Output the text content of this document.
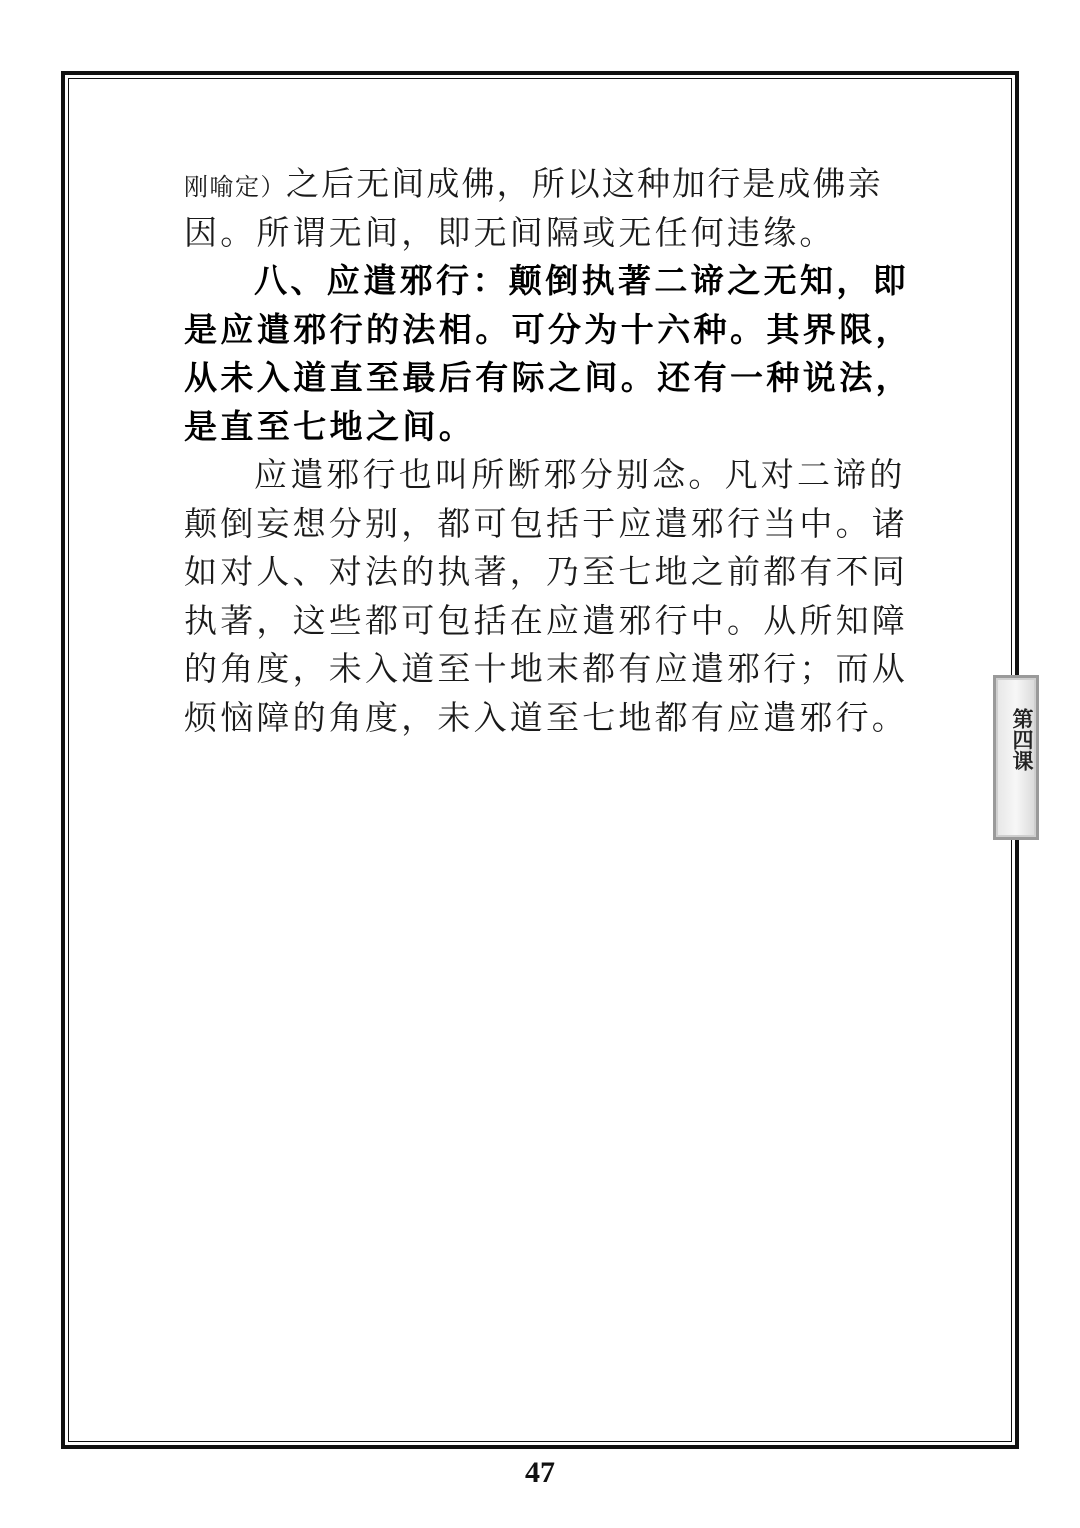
刚喻定）之后无间成佛，所以这种加行是成佛亲
因。所谓无间，即无间隔或无任何违缘。
八、应遣邪行：颠倒执著二谛之无知，即
是应遣邪行的法相。可分为十六种。其界限，
从未入道直至最后有际之间。还有一种说法，
是直至七地之间。
应遣邪行也叫所断邪分别念。凡对二谛的
颠倒妄想分别，都可包括于应遣邪行当中。诸
如对人、对法的执著，乃至七地之前都有不同
执著，这些都可包括在应遣邪行中。从所知障
的角度，未入道至十地末都有应遣邪行；而从
烦恼障的角度，未入道至七地都有应遣邪行。	第四课
47
